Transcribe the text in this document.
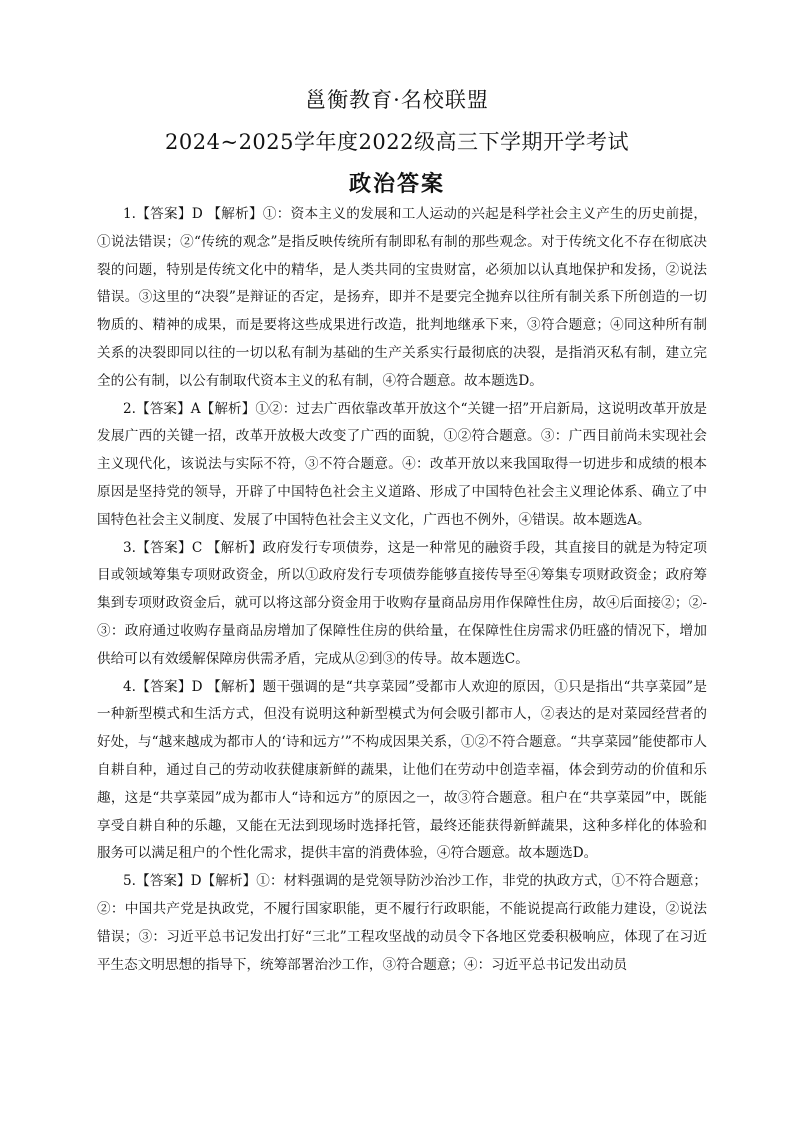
邕衡教育·名校联盟
2024~2025学年度2022级高三下学期开学考试
政治答案

1.【答案】D 【解析】①：资本主义的发展和工人运动的兴起是科学社会主义产生的历史前提，①说法错误；②“传统的观念”是指反映传统所有制即私有制的那些观念。对于传统文化不存在彻底决裂的问题，特别是传统文化中的精华，是人类共同的宝贵财富，必须加以认真地保护和发扬，②说法错误。③这里的“决裂”是辩证的否定，是扬弃，即并不是要完全抛弃以往所有制关系下所创造的一切物质的、精神的成果，而是要将这些成果进行改造，批判地继承下来，③符合题意；④同这种所有制关系的决裂即同以往的一切以私有制为基础的生产关系实行最彻底的决裂，是指消灭私有制，建立完全的公有制，以公有制取代资本主义的私有制，④符合题意。故本题选D。

2.【答案】A【解析】①②：过去广西依靠改革开放这个“关键一招”开启新局，这说明改革开放是发展广西的关键一招，改革开放极大改变了广西的面貌，①②符合题意。③：广西目前尚未实现社会主义现代化，该说法与实际不符，③不符合题意。④：改革开放以来我国取得一切进步和成绩的根本原因是坚持党的领导，开辟了中国特色社会主义道路、形成了中国特色社会主义理论体系、确立了中国特色社会主义制度、发展了中国特色社会主义文化，广西也不例外，④错误。故本题选A。

3.【答案】C 【解析】政府发行专项债券，这是一种常见的融资手段，其直接目的就是为特定项目或领域筹集专项财政资金，所以①政府发行专项债券能够直接传导至④筹集专项财政资金；政府筹集到专项财政资金后，就可以将这部分资金用于收购存量商品房用作保障性住房，故④后面接②；②-③：政府通过收购存量商品房增加了保障性住房的供给量，在保障性住房需求仍旺盛的情况下，增加供给可以有效缓解保障房供需矛盾，完成从②到③的传导。故本题选C。

4.【答案】D 【解析】题干强调的是“共享菜园”受都市人欢迎的原因，①只是指出“共享菜园”是一种新型模式和生活方式，但没有说明这种新型模式为何会吸引都市人，②表达的是对菜园经营者的好处，与“越来越成为都市人的‘诗和远方’”不构成因果关系，①②不符合题意。“共享菜园”能使都市人自耕自种，通过自己的劳动收获健康新鲜的蔬果，让他们在劳动中创造幸福，体会到劳动的价值和乐趣，这是“共享菜园”成为都市人“诗和远方”的原因之一，故③符合题意。租户在“共享菜园”中，既能享受自耕自种的乐趣，又能在无法到现场时选择托管，最终还能获得新鲜蔬果，这种多样化的体验和服务可以满足租户的个性化需求，提供丰富的消费体验，④符合题意。故本题选D。

5.【答案】D【解析】①：材料强调的是党领导防沙治沙工作，非党的执政方式，①不符合题意；②：中国共产党是执政党，不履行国家职能，更不履行行政职能，不能说提高行政能力建设，②说法错误；③：习近平总书记发出打好“三北”工程攻坚战的动员令下各地区党委积极响应，体现了在习近平生态文明思想的指导下，统筹部署治沙工作，③符合题意；④：习近平总书记发出动员
